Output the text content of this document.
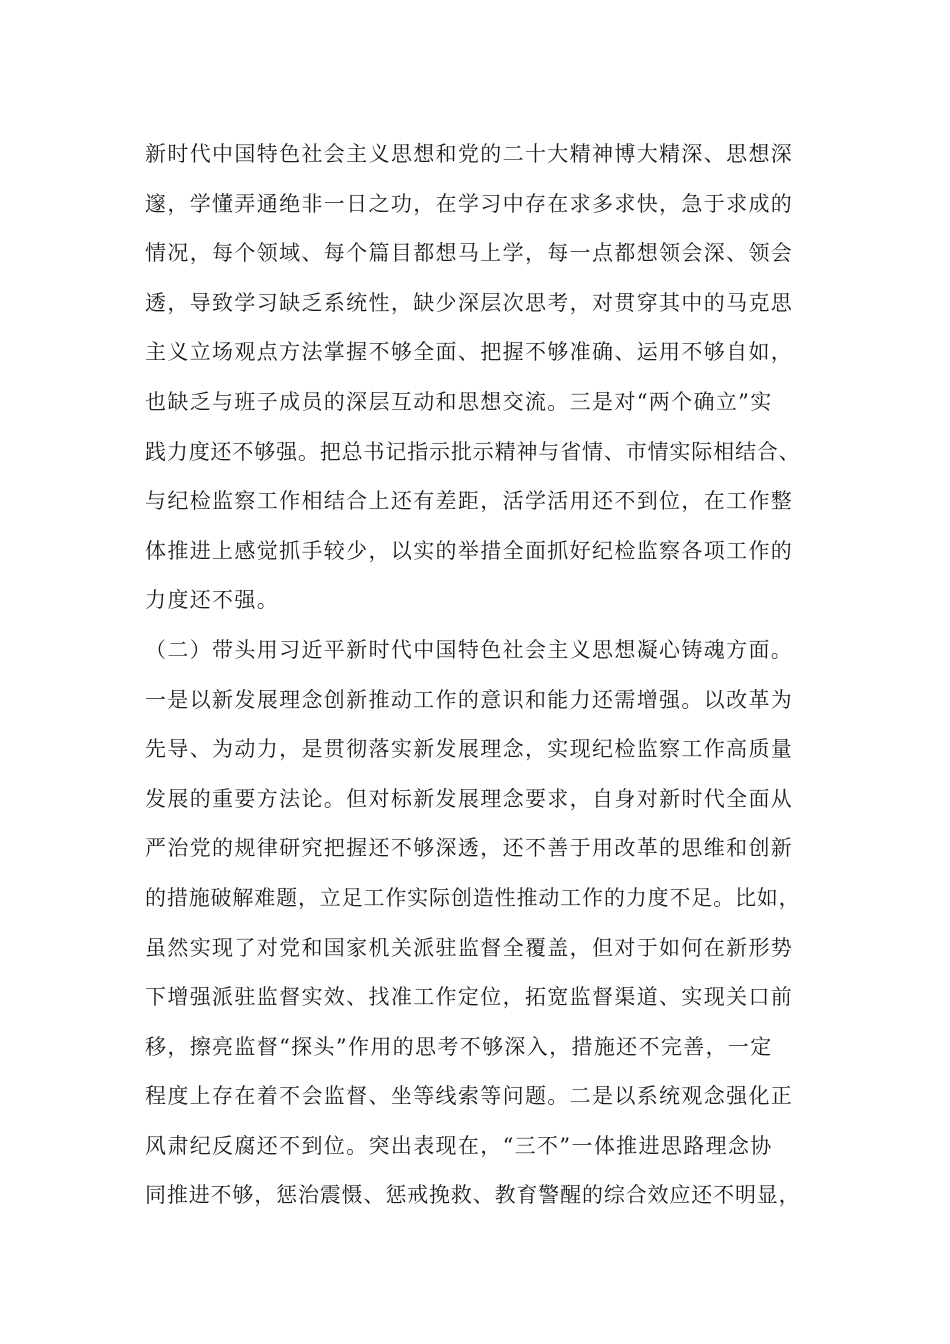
新时代中国特色社会主义思想和党的二十大精神博大精深、思想深
邃，学懂弄通绝非一日之功，在学习中存在求多求快，急于求成的
情况，每个领域、每个篇目都想马上学，每一点都想领会深、领会
透，导致学习缺乏系统性，缺少深层次思考，对贯穿其中的马克思
主义立场观点方法掌握不够全面、把握不够准确、运用不够自如，
也缺乏与班子成员的深层互动和思想交流。三是对“两个确立”实
践力度还不够强。把总书记指示批示精神与省情、市情实际相结合、
与纪检监察工作相结合上还有差距，活学活用还不到位，在工作整
体推进上感觉抓手较少，以实的举措全面抓好纪检监察各项工作的
力度还不强。
（二）带头用习近平新时代中国特色社会主义思想凝心铸魂方面。
一是以新发展理念创新推动工作的意识和能力还需增强。以改革为
先导、为动力，是贯彻落实新发展理念，实现纪检监察工作高质量
发展的重要方法论。但对标新发展理念要求，自身对新时代全面从
严治党的规律研究把握还不够深透，还不善于用改革的思维和创新
的措施破解难题，立足工作实际创造性推动工作的力度不足。比如，
虽然实现了对党和国家机关派驻监督全覆盖，但对于如何在新形势
下增强派驻监督实效、找准工作定位，拓宽监督渠道、实现关口前
移，擦亮监督“探头”作用的思考不够深入，措施还不完善，一定
程度上存在着不会监督、坐等线索等问题。二是以系统观念强化正
风肃纪反腐还不到位。突出表现在，“三不”一体推进思路理念协
同推进不够，惩治震慑、惩戒挽救、教育警醒的综合效应还不明显，
